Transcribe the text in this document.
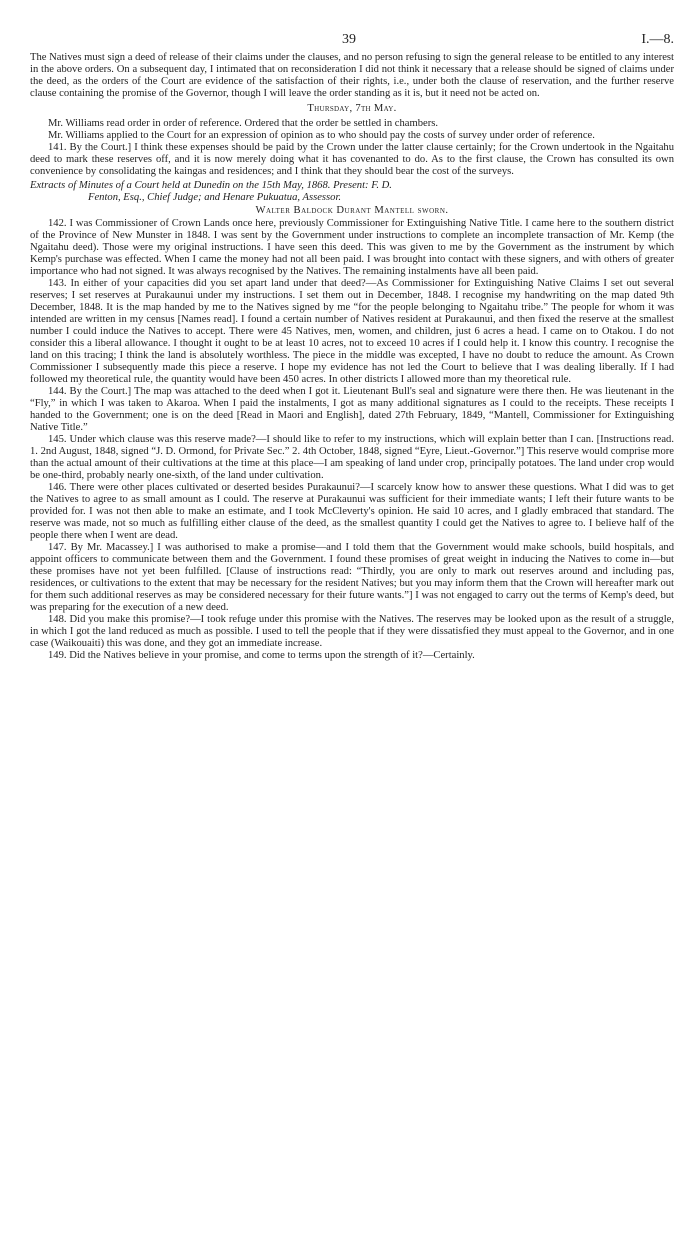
39	I.—8.

The Natives must sign a deed of release of their claims under the clauses, and no person refusing to sign the general release to be entitled to any interest in the above orders. On a subsequent day, I intimated that on reconsideration I did not think it necessary that a release should be signed of claims under the deed, as the orders of the Court are evidence of the satisfaction of their rights, i.e., under both the clause of reservation, and the further reserve clause containing the promise of the Governor, though I will leave the order standing as it is, but it need not be acted on.

Thursday, 7th May.

Mr. Williams read order in order of reference. Ordered that the order be settled in chambers.

Mr. Williams applied to the Court for an expression of opinion as to who should pay the costs of survey under order of reference.

141. By the Court.] I think these expenses should be paid by the Crown under the latter clause certainly; for the Crown undertook in the Ngaitahu deed to mark these reserves off, and it is now merely doing what it has covenanted to do. As to the first clause, the Crown has consulted its own convenience by consolidating the kaingas and residences; and I think that they should bear the cost of the surveys.

Extracts of Minutes of a Court held at Dunedin on the 15th May, 1868. Present: F. D.
Fenton, Esq., Chief Judge; and Henare Pukuatua, Assessor.
Walter Baldock Durant Mantell sworn.

142. I was Commissioner of Crown Lands once here, previously Commissioner for Extinguishing Native Title. I came here to the southern district of the Province of New Munster in 1848. I was sent by the Government under instructions to complete an incomplete transaction of Mr. Kemp (the Ngaitahu deed). Those were my original instructions. I have seen this deed. This was given to me by the Government as the instrument by which Kemp's purchase was effected. When I came the money had not all been paid. I was brought into contact with these signers, and with others of greater importance who had not signed. It was always recognised by the Natives. The remaining instalments have all been paid.

143. In either of your capacities did you set apart land under that deed?—As Commissioner for Extinguishing Native Claims I set out several reserves; I set reserves at Purakaunui under my instructions. I set them out in December, 1848. I recognise my handwriting on the map dated 9th December, 1848. It is the map handed by me to the Natives signed by me “for the people belonging to Ngaitahu tribe.” The people for whom it was intended are written in my census [Names read]. I found a certain number of Natives resident at Purakaunui, and then fixed the reserve at the smallest number I could induce the Natives to accept. There were 45 Natives, men, women, and children, just 6 acres a head. I came on to Otakou. I do not consider this a liberal allowance. I thought it ought to be at least 10 acres, not to exceed 10 acres if I could help it. I know this country. I recognise the land on this tracing; I think the land is absolutely worthless. The piece in the middle was excepted, I have no doubt to reduce the amount. As Crown Commissioner I subsequently made this piece a reserve. I hope my evidence has not led the Court to believe that I was dealing liberally. If I had followed my theoretical rule, the quantity would have been 450 acres. In other districts I allowed more than my theoretical rule.

144. By the Court.] The map was attached to the deed when I got it. Lieutenant Bull's seal and signature were there then. He was lieutenant in the “Fly,” in which I was taken to Akaroa. When I paid the instalments, I got as many additional signatures as I could to the receipts. These receipts I handed to the Government; one is on the deed [Read in Maori and English], dated 27th February, 1849, “Mantell, Commissioner for Extinguishing Native Title.”

145. Under which clause was this reserve made?—I should like to refer to my instructions, which will explain better than I can. [Instructions read. 1. 2nd August, 1848, signed “J. D. Ormond, for Private Sec.” 2. 4th October, 1848, signed “Eyre, Lieut.-Governor.”] This reserve would comprise more than the actual amount of their cultivations at the time at this place—I am speaking of land under crop, principally potatoes. The land under crop would be one-third, probably nearly one-sixth, of the land under cultivation.

146. There were other places cultivated or deserted besides Purakaunui?—I scarcely know how to answer these questions. What I did was to get the Natives to agree to as small amount as I could. The reserve at Purakaunui was sufficient for their immediate wants; I left their future wants to be provided for. I was not then able to make an estimate, and I took McCleverty's opinion. He said 10 acres, and I gladly embraced that standard. The reserve was made, not so much as fulfilling either clause of the deed, as the smallest quantity I could get the Natives to agree to. I believe half of the people there when I went are dead.

147. By Mr. Macassey.] I was authorised to make a promise—and I told them that the Government would make schools, build hospitals, and appoint officers to communicate between them and the Government. I found these promises of great weight in inducing the Natives to come in—but these promises have not yet been fulfilled. [Clause of instructions read: “Thirdly, you are only to mark out reserves around and including pas, residences, or cultivations to the extent that may be necessary for the resident Natives; but you may inform them that the Crown will hereafter mark out for them such additional reserves as may be considered necessary for their future wants.”] I was not engaged to carry out the terms of Kemp's deed, but was preparing for the execution of a new deed.

148. Did you make this promise?—I took refuge under this promise with the Natives. The reserves may be looked upon as the result of a struggle, in which I got the land reduced as much as possible. I used to tell the people that if they were dissatisfied they must appeal to the Governor, and in one case (Waikouaiti) this was done, and they got an immediate increase.

149. Did the Natives believe in your promise, and come to terms upon the strength of it?—Certainly.
